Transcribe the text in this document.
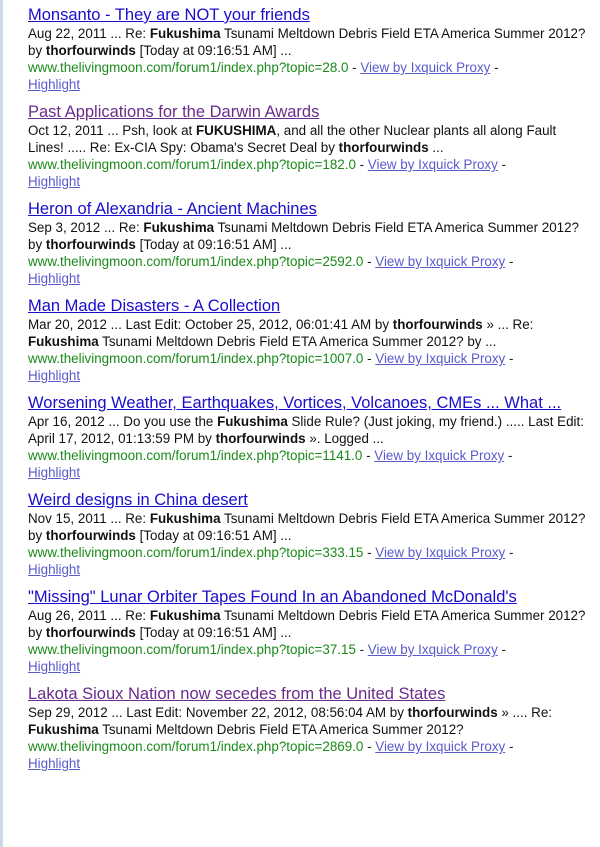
Monsanto - They are NOT your friends

Aug 22, 2011 ... Re: Fukushima Tsunami Meltdown Debris Field ETA America Summer 2012? by thorfourwinds [Today at 09:16:51 AM] ...

www.thelivingmoon.com/forum1/index.php?topic=28.0 - View by Ixquick Proxy -
Highlight

Past Applications for the Darwin Awards

Oct 12, 2011 ... Psh, look at FUKUSHIMA, and all the other Nuclear plants all along Fault Lines! ..... Re: Ex-CIA Spy: Obama's Secret Deal by thorfourwinds ...

www.thelivingmoon.com/forum1/index.php?topic=182.0 - View by Ixquick Proxy -
Highlight

Heron of Alexandria - Ancient Machines

Sep 3, 2012 ... Re: Fukushima Tsunami Meltdown Debris Field ETA America Summer 2012? by thorfourwinds [Today at 09:16:51 AM] ...

www.thelivingmoon.com/forum1/index.php?topic=2592.0 - View by Ixquick Proxy -
Highlight

Man Made Disasters - A Collection

Mar 20, 2012 ... Last Edit: October 25, 2012, 06:01:41 AM by thorfourwinds » ... Re: Fukushima Tsunami Meltdown Debris Field ETA America Summer 2012? by ...

www.thelivingmoon.com/forum1/index.php?topic=1007.0 - View by Ixquick Proxy -
Highlight

Worsening Weather, Earthquakes, Vortices, Volcanoes, CMEs ... What ...

Apr 16, 2012 ... Do you use the Fukushima Slide Rule? (Just joking, my friend.) ..... Last Edit: April 17, 2012, 01:13:59 PM by thorfourwinds ». Logged ...

www.thelivingmoon.com/forum1/index.php?topic=1141.0 - View by Ixquick Proxy -
Highlight

Weird designs in China desert

Nov 15, 2011 ... Re: Fukushima Tsunami Meltdown Debris Field ETA America Summer 2012? by thorfourwinds [Today at 09:16:51 AM] ...

www.thelivingmoon.com/forum1/index.php?topic=333.15 - View by Ixquick Proxy -
Highlight

"Missing" Lunar Orbiter Tapes Found In an Abandoned McDonald's

Aug 26, 2011 ... Re: Fukushima Tsunami Meltdown Debris Field ETA America Summer 2012? by thorfourwinds [Today at 09:16:51 AM] ...

www.thelivingmoon.com/forum1/index.php?topic=37.15 - View by Ixquick Proxy -
Highlight

Lakota Sioux Nation now secedes from the United States

Sep 29, 2012 ... Last Edit: November 22, 2012, 08:56:04 AM by thorfourwinds » .... Re: Fukushima Tsunami Meltdown Debris Field ETA America Summer 2012?

www.thelivingmoon.com/forum1/index.php?topic=2869.0 - View by Ixquick Proxy -
Highlight
